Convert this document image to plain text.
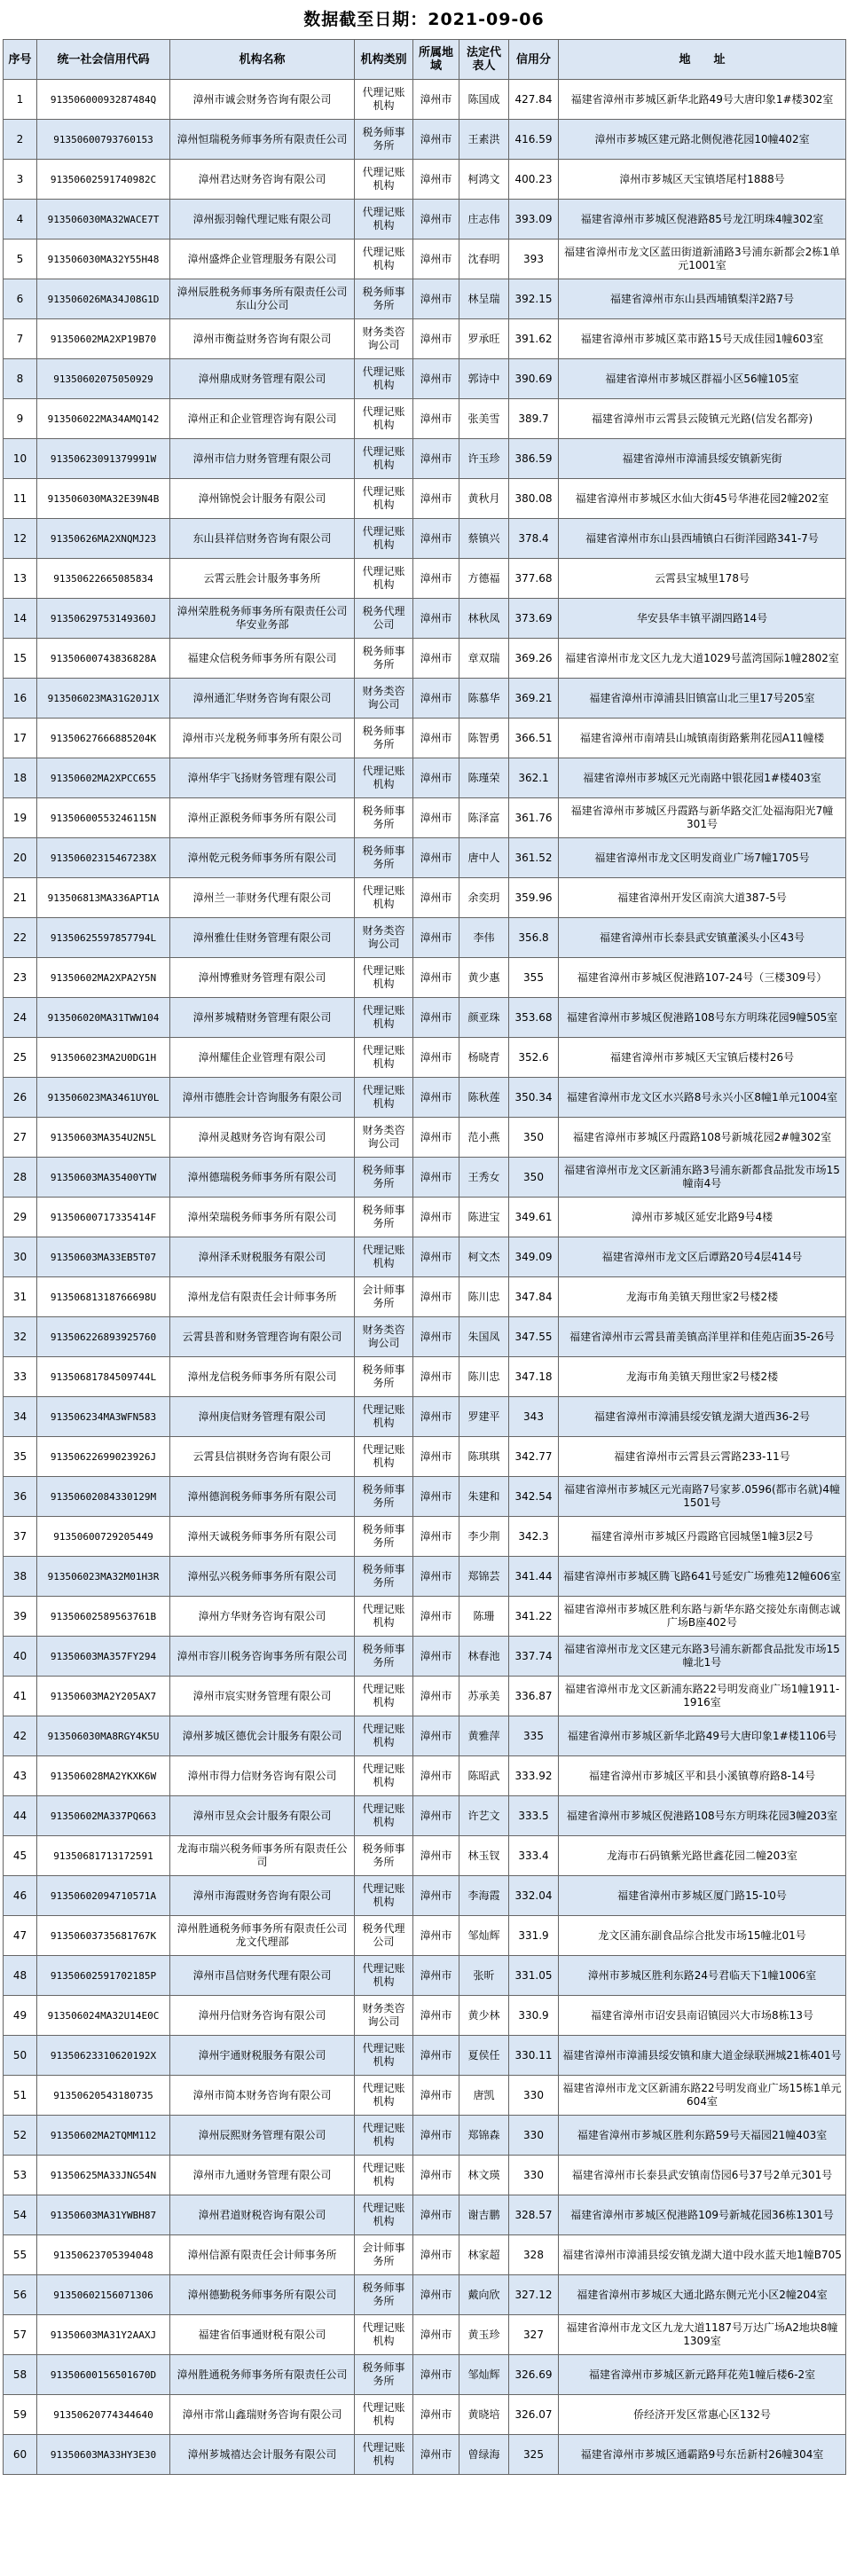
数据截至日期：2021-09-06
序号	统一社会信用代码	机构名称	机构类别	所属地域	法定代表人	信用分	地　　址
1	91350600093287484Q	漳州市诚会财务咨询有限公司	代理记账机构	漳州市	陈国成	427.84	福建省漳州市芗城区新华北路49号大唐印象1#楼302室
2	91350600793760153	漳州恒瑞税务师事务所有限责任公司	税务师事务所	漳州市	王素洪	416.59	漳州市芗城区建元路北侧倪港花园10幢402室
3	91350602591740982C	漳州君达财务咨询有限公司	代理记账机构	漳州市	柯鸿文	400.23	漳州市芗城区天宝镇塔尾村1888号
4	913506030MA32WACE7T	漳州振羽翰代理记账有限公司	代理记账机构	漳州市	庄志伟	393.09	福建省漳州市芗城区倪港路85号龙江明珠4幢302室
5	913506030MA32Y55H48	漳州盛烨企业管理服务有限公司	代理记账机构	漳州市	沈春明	393	福建省漳州市龙文区蓝田街道新浦路3号浦东新都会2栋1单元1001室
6	913506026MA34J08G1D	漳州辰胜税务师事务所有限责任公司东山分公司	税务师事务所	漳州市	林呈瑞	392.15	福建省漳州市东山县西埔镇梨洋2路7号
7	91350602MA2XP19B70	漳州市衡益财务咨询有限公司	财务类咨询公司	漳州市	罗承旺	391.62	福建省漳州市芗城区菜市路15号天成佳园1幢603室
8	91350602075050929	漳州鼎成财务管理有限公司	代理记账机构	漳州市	郭诗中	390.69	福建省漳州市芗城区群福小区56幢105室
9	913506022MA34AMQ142	漳州正和企业管理咨询有限公司	代理记账机构	漳州市	张美雪	389.7	福建省漳州市云霄县云陵镇元光路(信发名都旁)
10	91350623091379991W	漳州市信力财务管理有限公司	代理记账机构	漳州市	许玉珍	386.59	福建省漳州市漳浦县绥安镇新宪街
11	913506030MA32E39N4B	漳州锦悦会计服务有限公司	代理记账机构	漳州市	黄秋月	380.08	福建省漳州市芗城区水仙大街45号华港花园2幢202室
12	91350626MA2XNQMJ23	东山县祥信财务咨询有限公司	代理记账机构	漳州市	蔡镇兴	378.4	福建省漳州市东山县西埔镇白石街洋园路341-7号
13	91350622665085834	云霄云胜会计服务事务所	代理记账机构	漳州市	方德福	377.68	云霄县宝城里178号
14	91350629753149360J	漳州荣胜税务师事务所有限责任公司华安业务部	税务代理公司	漳州市	林秋凤	373.69	华安县华丰镇平湖四路14号
15	91350600743836828A	福建众信税务师事务所有限公司	税务师事务所	漳州市	章双瑞	369.26	福建省漳州市龙文区九龙大道1029号蓝湾国际1幢2802室
16	913506023MA31G20J1X	漳州通汇华财务咨询有限公司	财务类咨询公司	漳州市	陈慕华	369.21	福建省漳州市漳浦县旧镇富山北三里17号205室
17	91350627666885204K	漳州市兴龙税务师事务所有限公司	税务师事务所	漳州市	陈智勇	366.51	福建省漳州市南靖县山城镇南街路紫荆花园A11幢楼
18	91350602MA2XPCC655	漳州华宇飞扬财务管理有限公司	代理记账机构	漳州市	陈瑾荣	362.1	福建省漳州市芗城区元光南路中银花园1#楼403室
19	91350600553246115N	漳州正源税务师事务所有限公司	税务师事务所	漳州市	陈泽富	361.76	福建省漳州市芗城区丹霞路与新华路交汇处福海阳光7幢301号
20	91350602315467238X	漳州乾元税务师事务所有限公司	税务师事务所	漳州市	唐中人	361.52	福建省漳州市龙文区明发商业广场7幢1705号
21	913506813MA336APT1A	漳州兰一菲财务代理有限公司	代理记账机构	漳州市	余奕玥	359.96	福建省漳州开发区南滨大道387-5号
22	91350625597857794L	漳州雅仕佳财务管理有限公司	财务类咨询公司	漳州市	李伟	356.8	福建省漳州市长泰县武安镇董溪头小区43号
23	91350602MA2XPA2Y5N	漳州博雅财务管理有限公司	代理记账机构	漳州市	黄少惠	355	福建省漳州市芗城区倪港路107-24号（三楼309号）
24	913506020MA31TWW104	漳州芗城精财务管理有限公司	代理记账机构	漳州市	颜亚珠	353.68	福建省漳州市芗城区倪港路108号东方明珠花园9幢505室
25	913506023MA2U0DG1H	漳州耀佳企业管理有限公司	代理记账机构	漳州市	杨晓青	352.6	福建省漳州市芗城区天宝镇后楼村26号
26	913506023MA3461UY0L	漳州市德胜会计咨询服务有限公司	代理记账机构	漳州市	陈秋莲	350.34	福建省漳州市龙文区水兴路8号永兴小区8幢1单元1004室
27	91350603MA354U2N5L	漳州灵越财务咨询有限公司	财务类咨询公司	漳州市	范小燕	350	福建省漳州市芗城区丹霞路108号新城花园2#幢302室
28	91350603MA35400YTW	漳州德瑞税务师事务所有限公司	税务师事务所	漳州市	王秀女	350	福建省漳州市龙文区新浦东路3号浦东新都食品批发市场15幢南4号
29	91350600717335414F	漳州荣瑞税务师事务所有限公司	税务师事务所	漳州市	陈进宝	349.61	漳州市芗城区延安北路9号4楼
30	91350603MA33EB5T07	漳州泽禾财税服务有限公司	代理记账机构	漳州市	柯文杰	349.09	福建省漳州市龙文区后谭路20号4层414号
31	91350681318766698U	漳州龙信有限责任会计师事务所	会计师事务所	漳州市	陈川忠	347.84	龙海市角美镇天翔世家2号楼2楼
32	913506226893925760	云霄县普和财务管理咨询有限公司	财务类咨询公司	漳州市	朱国凤	347.55	福建省漳州市云霄县莆美镇高洋里祥和佳苑店面35-26号
33	91350681784509744L	漳州龙信税务师事务所有限公司	税务师事务所	漳州市	陈川忠	347.18	龙海市角美镇天翔世家2号楼2楼
34	913506234MA3WFN583	漳州庚信财务管理有限公司	代理记账机构	漳州市	罗建平	343	福建省漳州市漳浦县绥安镇龙湖大道西36-2号
35	91350622699023926J	云霄县信祺财务咨询有限公司	代理记账机构	漳州市	陈琪琪	342.77	福建省漳州市云霄县云霄路233-11号
36	91350602084330129M	漳州德润税务师事务所有限公司	税务师事务所	漳州市	朱建和	342.54	福建省漳州市芗城区元光南路7号家芗.0596(都市名就)4幢1501号
37	91350600729205449	漳州天诚税务师事务所有限公司	税务师事务所	漳州市	李少荆	342.3	福建省漳州市芗城区丹霞路官园城堡1幢3层2号
38	913506023MA32M01H3R	漳州弘兴税务师事务所有限公司	税务师事务所	漳州市	郑锦芸	341.44	福建省漳州市芗城区腾飞路641号延安广场雅苑12幢606室
39	91350602589563761B	漳州方华财务咨询有限公司	代理记账机构	漳州市	陈珊	341.22	福建省漳州市芗城区胜利东路与新华东路交接处东南侧志诚广场B座402号
40	91350603MA357FY294	漳州市容川税务咨询事务所有限公司	税务师事务所	漳州市	林春池	337.74	福建省漳州市龙文区建元东路3号浦东新都食品批发市场15幢北1号
41	91350603MA2Y205AX7	漳州市宸实财务管理有限公司	代理记账机构	漳州市	苏承美	336.87	福建省漳州市龙文区新浦东路22号明发商业广场1幢1911-1916室
42	913506030MA8RGY4K5U	漳州芗城区德优会计服务有限公司	代理记账机构	漳州市	黄雅萍	335	福建省漳州市芗城区新华北路49号大唐印象1#楼1106号
43	913506028MA2YKXK6W	漳州市得力信财务咨询有限公司	代理记账机构	漳州市	陈昭武	333.92	福建省漳州市芗城区平和县小溪镇尊府路8-14号
44	91350602MA337PQ663	漳州市昱众会计服务有限公司	代理记账机构	漳州市	许艺文	333.5	福建省漳州市芗城区倪港路108号东方明珠花园3幢203室
45	91350681713172591	龙海市瑞兴税务师事务所有限责任公司	税务师事务所	漳州市	林玉钗	333.4	龙海市石码镇紫光路世鑫花园二幢203室
46	91350602094710571A	漳州市海霞财务咨询有限公司	代理记账机构	漳州市	李海霞	332.04	福建省漳州市芗城区厦门路15-10号
47	91350603735681767K	漳州胜通税务师事务所有限责任公司龙文代理部	税务代理公司	漳州市	邹灿辉	331.9	龙文区浦东副食品综合批发市场15幢北01号
48	91350602591702185P	漳州市昌信财务代理有限公司	代理记账机构	漳州市	张昕	331.05	漳州市芗城区胜利东路24号君临天下1幢1006室
49	913506024MA32U14E0C	漳州丹信财务咨询有限公司	财务类咨询公司	漳州市	黄少林	330.9	福建省漳州市诏安县南诏镇园兴大市场8栋13号
50	91350623310620192X	漳州宇通财税服务有限公司	代理记账机构	漳州市	夏侯任	330.11	福建省漳州市漳浦县绥安镇和康大道金绿联洲城21栋401号
51	91350620543180735	漳州市简本财务咨询有限公司	代理记账机构	漳州市	唐凯	330	福建省漳州市龙文区新浦东路22号明发商业广场15栋1单元604室
52	91350602MA2TQMM112	漳州辰熙财务管理有限公司	代理记账机构	漳州市	郑锦森	330	福建省漳州市芗城区胜利东路59号天福园21幢403室
53	91350625MA33JNG54N	漳州市九通财务管理有限公司	代理记账机构	漳州市	林文瑛	330	福建省漳州市长泰县武安镇南岱园6号37号2单元301号
54	91350603MA31YWBH87	漳州君道财税咨询有限公司	代理记账机构	漳州市	谢吉鹏	328.57	福建省漳州市芗城区倪港路109号新城花园36栋1301号
55	91350623705394048	漳州信源有限责任会计师事务所	会计师事务所	漳州市	林家超	328	福建省漳州市漳浦县绥安镇龙湖大道中段水蓝天地1幢B705
56	91350602156071306	漳州德勤税务师事务所有限公司	税务师事务所	漳州市	戴向欣	327.12	福建省漳州市芗城区大通北路东侧元光小区2幢204室
57	91350603MA31Y2AAXJ	福建省佰事通财税有限公司	代理记账机构	漳州市	黄玉珍	327	福建省漳州市龙文区九龙大道1187号万达广场A2地块8幢1309室
58	91350600156501670D	漳州胜通税务师事务所有限责任公司	税务师事务所	漳州市	邹灿辉	326.69	福建省漳州市芗城区新元路拜花苑1幢后楼6-2室
59	91350620774344640	漳州市常山鑫瑞财务咨询有限公司	代理记账机构	漳州市	黄晓培	326.07	侨经济开发区常惠心区132号
60	91350603MA33HY3E30	漳州芗城禧达会计服务有限公司	代理记账机构	漳州市	曾绿海	325	福建省漳州市芗城区通霸路9号东岳新村26幢304室
